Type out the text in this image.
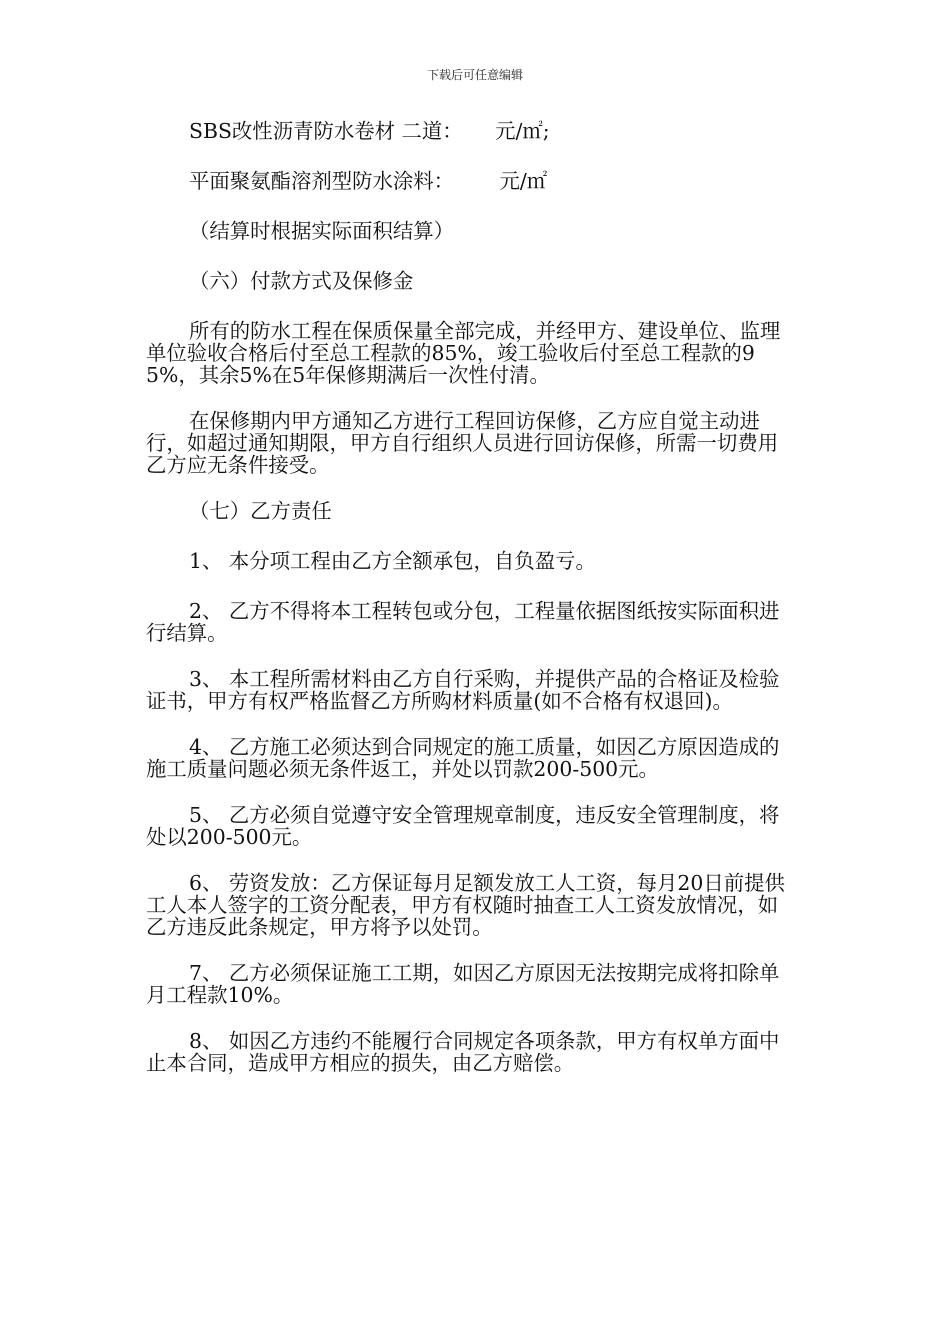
下载后可任意编辑

SBS改性沥青防水卷材 二道：     元/㎡;

平面聚氨酯溶剂型防水涂料：       元/㎡

（结算时根据实际面积结算）

（六）付款方式及保修金

所有的防水工程在保质保量全部完成，并经甲方、建设单位、监理单位验收合格后付至总工程款的85%，竣工验收后付至总工程款的95%，其余5%在5年保修期满后一次性付清。

在保修期内甲方通知乙方进行工程回访保修，乙方应自觉主动进行，如超过通知期限，甲方自行组织人员进行回访保修，所需一切费用乙方应无条件接受。

（七）乙方责任

1、 本分项工程由乙方全额承包，自负盈亏。

2、 乙方不得将本工程转包或分包，工程量依据图纸按实际面积进行结算。

3、 本工程所需材料由乙方自行采购，并提供产品的合格证及检验证书，甲方有权严格监督乙方所购材料质量(如不合格有权退回)。

4、 乙方施工必须达到合同规定的施工质量，如因乙方原因造成的施工质量问题必须无条件返工，并处以罚款200-500元。

5、 乙方必须自觉遵守安全管理规章制度，违反安全管理制度，将处以200-500元。

6、 劳资发放：乙方保证每月足额发放工人工资，每月20日前提供工人本人签字的工资分配表，甲方有权随时抽查工人工资发放情况，如乙方违反此条规定，甲方将予以处罚。

7、 乙方必须保证施工工期，如因乙方原因无法按期完成将扣除单月工程款10%。

8、 如因乙方违约不能履行合同规定各项条款，甲方有权单方面中止本合同，造成甲方相应的损失，由乙方赔偿。
